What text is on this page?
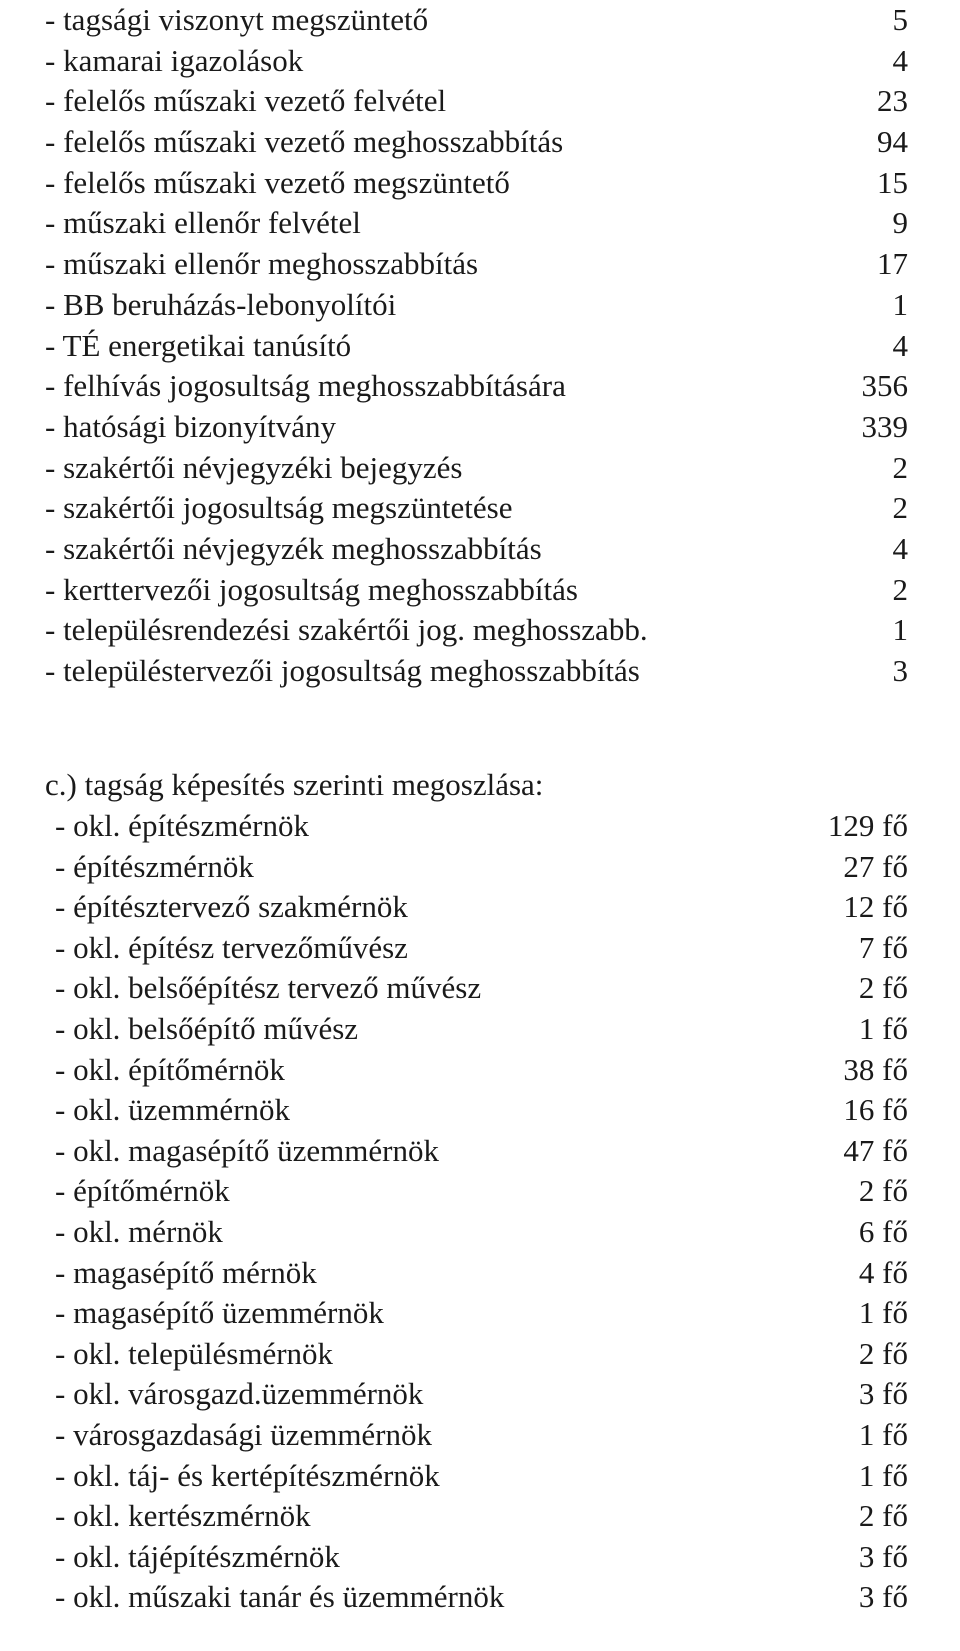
- tagsági viszonyt megszüntető	5
- kamarai igazolások	4
- felelős műszaki vezető felvétel	23
- felelős műszaki vezető meghosszabbítás	94
- felelős műszaki vezető megszüntető	15
- műszaki ellenőr felvétel	9
- műszaki ellenőr meghosszabbítás	17
- BB beruházás-lebonyolítói	1
- TÉ energetikai tanúsító	4
- felhívás jogosultság meghosszabbítására	356
- hatósági bizonyítvány	339
- szakértői névjegyzéki bejegyzés	2
- szakértői jogosultság megszüntetése	2
- szakértői névjegyzék meghosszabbítás	4
- kerttervezői jogosultság meghosszabbítás	2
- településrendezési szakértői jog. meghosszabb.	1
- településtervezői jogosultság meghosszabbítás	3
c.) tagság képesítés szerinti megoszlása:
- okl. építészmérnök	129 fő
- építészmérnök	27 fő
- építésztervező szakmérnök	12 fő
- okl. építész tervezőművész	7 fő
- okl. belsőépítész tervező művész	2 fő
- okl. belsőépítő művész	1 fő
- okl. építőmérnök	38 fő
- okl. üzemmérnök	16 fő
- okl. magasépítő üzemmérnök	47 fő
- építőmérnök	2 fő
- okl. mérnök	6 fő
- magasépítő mérnök	4 fő
- magasépítő üzemmérnök	1 fő
- okl. településmérnök	2 fő
- okl. városgazd.üzemmérnök	3 fő
- városgazdasági üzemmérnök	1 fő
- okl. táj- és kertépítészmérnök	1 fő
- okl. kertészmérnök	2 fő
- okl. tájépítészmérnök	3 fő
- okl. műszaki tanár és üzemmérnök	3 fő
